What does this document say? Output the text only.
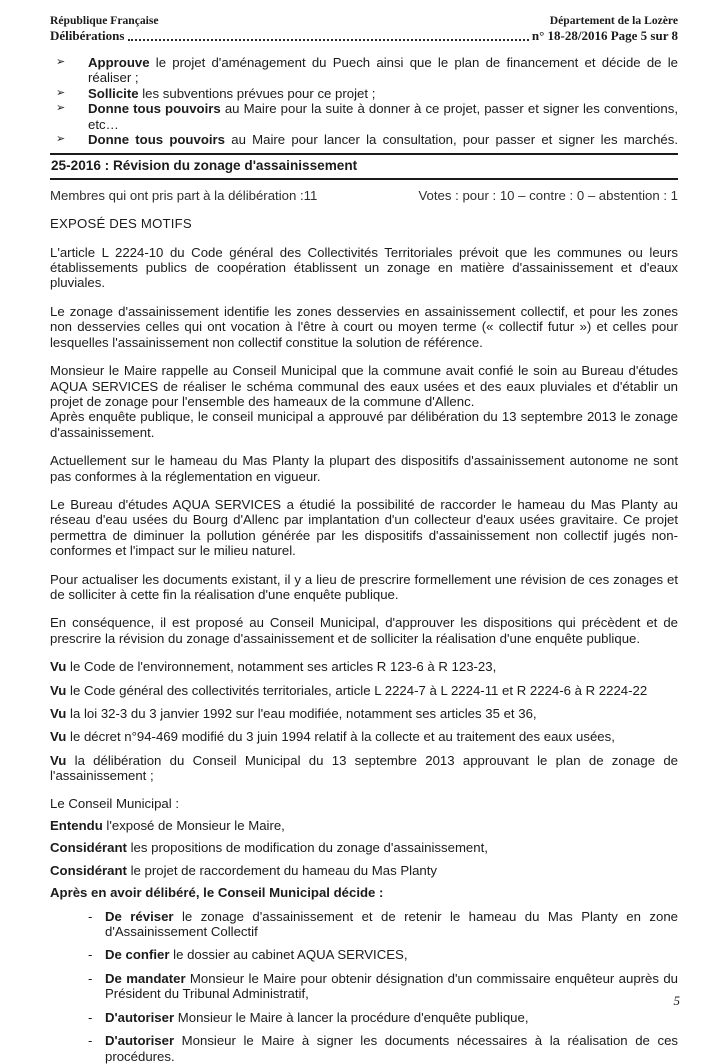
République Française	Département de la Lozère
Délibérations	n° 18-28/2016 Page 5 sur 8
➢	Approuve le projet d'aménagement du Puech ainsi que le plan de financement et décide de le réaliser ;
➢	Sollicite les subventions prévues pour ce projet ;
➢	Donne tous pouvoirs au Maire pour la suite à donner à ce projet, passer et signer les conventions, etc…
➢	Donne tous pouvoirs au Maire pour lancer la consultation, pour passer et signer les marchés.
25-2016 : Révision du zonage d'assainissement
Membres qui ont pris part à la délibération :11	Votes : pour : 10 – contre : 0 – abstention : 1
EXPOSÉ DES MOTIFS
L'article L 2224-10 du Code général des Collectivités Territoriales prévoit que les communes ou leurs établissements publics de coopération établissent un zonage en matière d'assainissement et d'eaux pluviales.
Le zonage d'assainissement identifie les zones desservies en assainissement collectif, et pour les zones non desservies celles qui ont vocation à l'être à court ou moyen terme (« collectif futur ») et celles pour lesquelles l'assainissement non collectif constitue la solution de référence.
Monsieur le Maire rappelle au Conseil Municipal que la commune avait confié le soin au Bureau d'études AQUA SERVICES de réaliser le schéma communal des eaux usées et des eaux pluviales et d'établir un projet de zonage pour l'ensemble des hameaux de la commune d'Allenc.
Après enquête publique, le conseil municipal a approuvé par délibération du 13 septembre 2013 le zonage d'assainissement.
Actuellement sur le hameau du Mas Planty la plupart des dispositifs d'assainissement autonome ne sont pas conformes à la réglementation en vigueur.
Le Bureau d'études AQUA SERVICES a étudié la possibilité de raccorder le hameau du Mas Planty au réseau d'eau usées du Bourg d'Allenc par implantation d'un collecteur d'eaux usées gravitaire. Ce projet permettra de diminuer la pollution générée par les dispositifs d'assainissement non collectif jugés non-conformes et l'impact sur le milieu naturel.
Pour actualiser les documents existant, il y a lieu de prescrire formellement une révision de ces zonages et de solliciter à cette fin la réalisation d'une enquête publique.
En conséquence, il est proposé au Conseil Municipal, d'approuver les dispositions qui précèdent et de prescrire la révision du zonage d'assainissement et de solliciter la réalisation d'une enquête publique.
Vu le Code de l'environnement, notamment ses articles R 123-6 à R 123-23,
Vu le Code général des collectivités territoriales, article L 2224-7 à L 2224-11 et R 2224-6 à R 2224-22
Vu la loi 32-3 du 3 janvier 1992 sur l'eau modifiée, notamment ses articles 35 et 36,
Vu le décret n°94-469 modifié du 3 juin 1994 relatif à la collecte et au traitement des eaux usées,
Vu la délibération du Conseil Municipal du 13 septembre 2013 approuvant le plan de zonage de l'assainissement ;
Le Conseil Municipal :
Entendu l'exposé de Monsieur le Maire,
Considérant les propositions de modification du zonage d'assainissement,
Considérant le projet de raccordement du hameau du Mas Planty
Après en avoir délibéré, le Conseil Municipal décide :
- De réviser le zonage d'assainissement et de retenir le hameau du Mas Planty en zone d'Assainissement Collectif
- De confier le dossier au cabinet AQUA SERVICES,
- De mandater Monsieur le Maire pour obtenir désignation d'un commissaire enquêteur auprès du Président du Tribunal Administratif,
- D'autoriser Monsieur le Maire à lancer la procédure d'enquête publique,
- D'autoriser Monsieur le Maire à signer les documents nécessaires à la réalisation de ces procédures.
5
